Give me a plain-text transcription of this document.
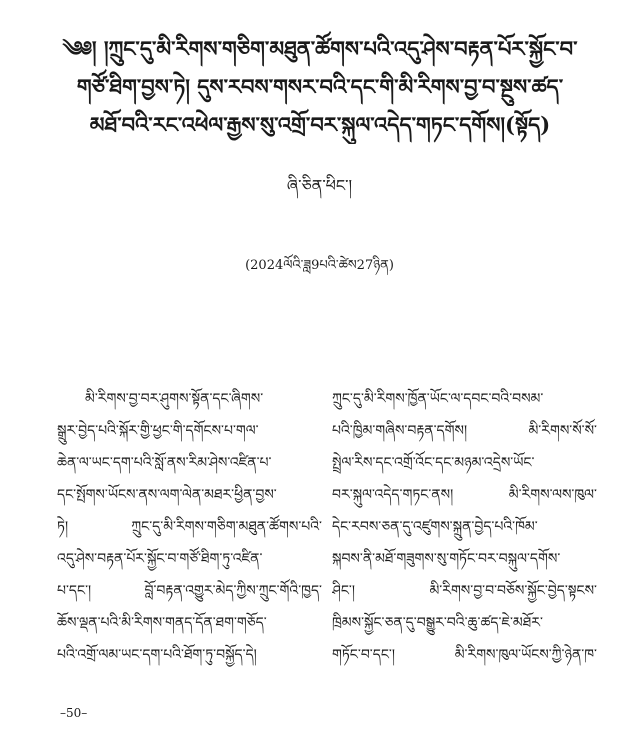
༄༅། །ཀྲུང་དུ་མི་རིགས་གཅིག་མཐུན་ཚོགས་པའི་འདུ་ཤེས་བརྟན་པོར་སྐྱོང་བ་
གཙོ་ཐིག་བྱས་ཏེ། དུས་རབས་གསར་བའི་དང་གི་མི་རིགས་བྱ་བ་སྔུས་ཚད་
མཐོ་བའི་རང་འཕེལ་རྒྱས་སུ་འགྲོ་བར་སྐུལ་འདེད་གཏང་དགོས།(སྟོད)
ཞི་ཅིན་ཕིང་།
(2024ལོའི་ཟླ9པའི་ཚེས27ཉིན)
མི་རིགས་བྱ་བར་ཤུགས་སྟོན་དང་ཞིགས་
སྒྲུར་བྱེད་པའི་སྐོར་གྱི་ཕྱང་གི་དགོངས་པ་གལ་
ཆེན་ལ་ཡང་དག་པའི་སློ་ནས་རིམ་ཤེས་འཛིན་པ་
དང་སྤོགས་ཡོངས་ནས་ལག་ལེན་མཐར་ཕྱིན་བྱས་
ཏེ། ཀྲུང་དུ་མི་རིགས་གཅིག་མཐུན་ཚོགས་པའི་
འདུ་ཤེས་བརྟན་པོར་སྐྱོང་བ་གཙོ་ཐིག་ཏུ་འཛིན་
པ་དང་། བློ་བརྟན་འགྱུར་མེད་ཀྱིས་ཀྲུང་གོའི་ཁྱད་
ཆོས་ལྡན་པའི་མི་རིགས་གནད་དོན་ཐག་གཅོད་
པའི་འགྲོ་ལམ་ཡང་དག་པའི་ཐོག་ཏུ་བསྐྱོད་དེ།
ཀྲུང་དུ་མི་རིགས་ཁྱོན་ཡོང་ལ་དབང་བའི་བསམ་
པའི་ཁྱིམ་གཞིས་བརྟན་དགོས། མི་རིགས་སོ་སོ་
སྤྲེལ་རིས་དང་འགྲོ་འོང་དང་མཉམ་འདྲེས་ཡོང་
བར་སྐུལ་འདེད་གཏང་ནས། མི་རིགས་ལས་ཁུལ་
དེང་རབས་ཅན་དུ་འཛུགས་སྐྲུན་བྱེད་པའི་ཁོམ་
སྐབས་ནི་མཐོ་གཟུགས་སུ་གཏོང་བར་བསྐུལ་དགོས་
ཤིང་། མི་རིགས་བྱ་བ་བཅོས་སྐྱོང་བྱེད་སྟངས་
ཁྲིམས་སྐྱོང་ཅན་དུ་བསྒྱུར་བའི་ཆུ་ཚད་ཇེ་མཐོར་
གཏོང་བ་དང་། མི་རིགས་ཁུལ་ཡོངས་ཀྱི་ཉེན་ཁ་
–50–
